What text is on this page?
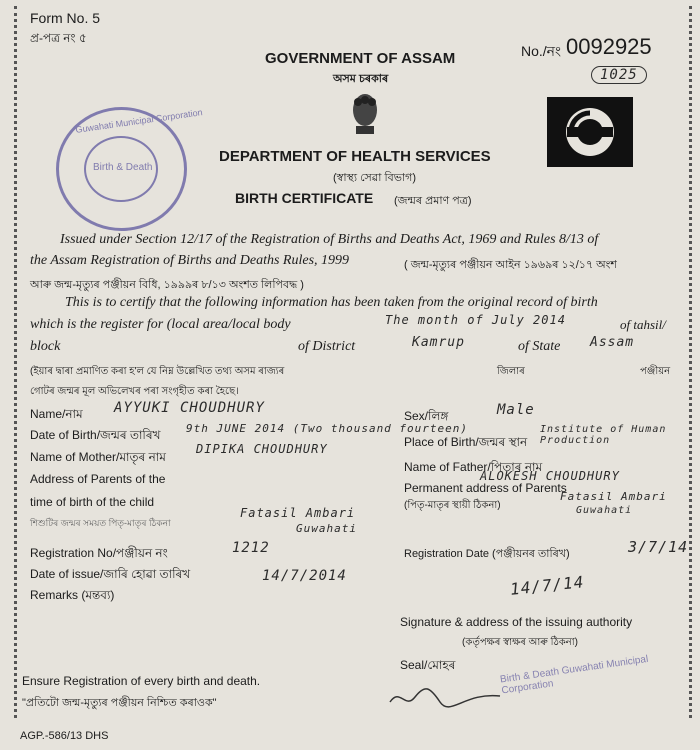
Form No. 5
প্ৰ-পত্ৰ নং ৫
GOVERNMENT OF ASSAM
অসম চৰকাৰ
No./নং 0092925
1025
Guwahati Municipal Corporation
Birth & Death
DEPARTMENT OF HEALTH SERVICES
(স্বাস্থ্য সেৱা বিভাগ)
BIRTH CERTIFICATE (জন্মৰ প্ৰমাণ পত্ৰ)
Issued under Section 12/17 of the Registration of Births and Deaths Act, 1969 and Rules 8/13 of
the Assam Registration of Births and Deaths Rules, 1999	( জন্ম-মৃত্যুৰ পঞ্জীয়ন আইন ১৯৬৯ৰ ১২/১৭ অংশ
আৰু জন্ম-মৃত্যুৰ পঞ্জীয়ন বিধি, ১৯৯৯ৰ ৮/১৩ অংশত লিপিবদ্ধ )
This is to certify that the following information has been taken from the original record of birth
which is the register for (local area/local body	The month of July 2014	of tahsil/
block	of District	Kamrup	of State Assam
(ইয়াৰ দ্বাৰা প্ৰমাণিত কৰা হ'ল যে নিম্ন উল্লেখিত তথ্য অসম ৰাজ্যৰ	জিলাৰ	পঞ্জীয়ন
গোটৰ জন্মৰ মূল অভিলেখৰ পৰা সংগৃহীত কৰা হৈছে।
Name/নাম AYYUKI CHOUDHURY	Sex/লিঙ্গ	Male
Date of Birth/জন্মৰ তাৰিখ 9th JUNE 2014 (Two thousand fourteen)
Place of Birth/জন্মৰ স্থান
Institute of Human Production
Name of Mother/মাতৃৰ নাম
DIPIKA CHOUDHURY
Name of Father/পিতাৰ নাম
ALOKESH CHOUDHURY
Address of Parents of the
time of birth of the child
শিশুটিৰ জন্মৰ সময়ত পিতৃ-মাতৃৰ ঠিকনা
Fatasil Ambari
Guwahati
Permanent address of Parents
(পিতৃ-মাতৃৰ স্থায়ী ঠিকনা)
Fatasil Ambari
Guwahati
Registration No/পঞ্জীয়ন নং	1212	Registration Date (পঞ্জীয়নৰ তাৰিখ)	3/7/14
Date of issue/জাৰি হোৱা তাৰিখ	14/7/2014
Remarks (মন্তব্য)	14/7/14
Signature & address of the issuing authority
(কৰ্তৃপক্ষৰ স্বাক্ষৰ আৰু ঠিকনা)
Seal/মোহৰ	Birth & Death Guwahati Municipal Corporation
Ensure Registration of every birth and death.
"প্ৰতিটো জন্ম-মৃত্যুৰ পঞ্জীয়ন নিশ্চিত কৰাওক"
AGP.-586/13 DHS
